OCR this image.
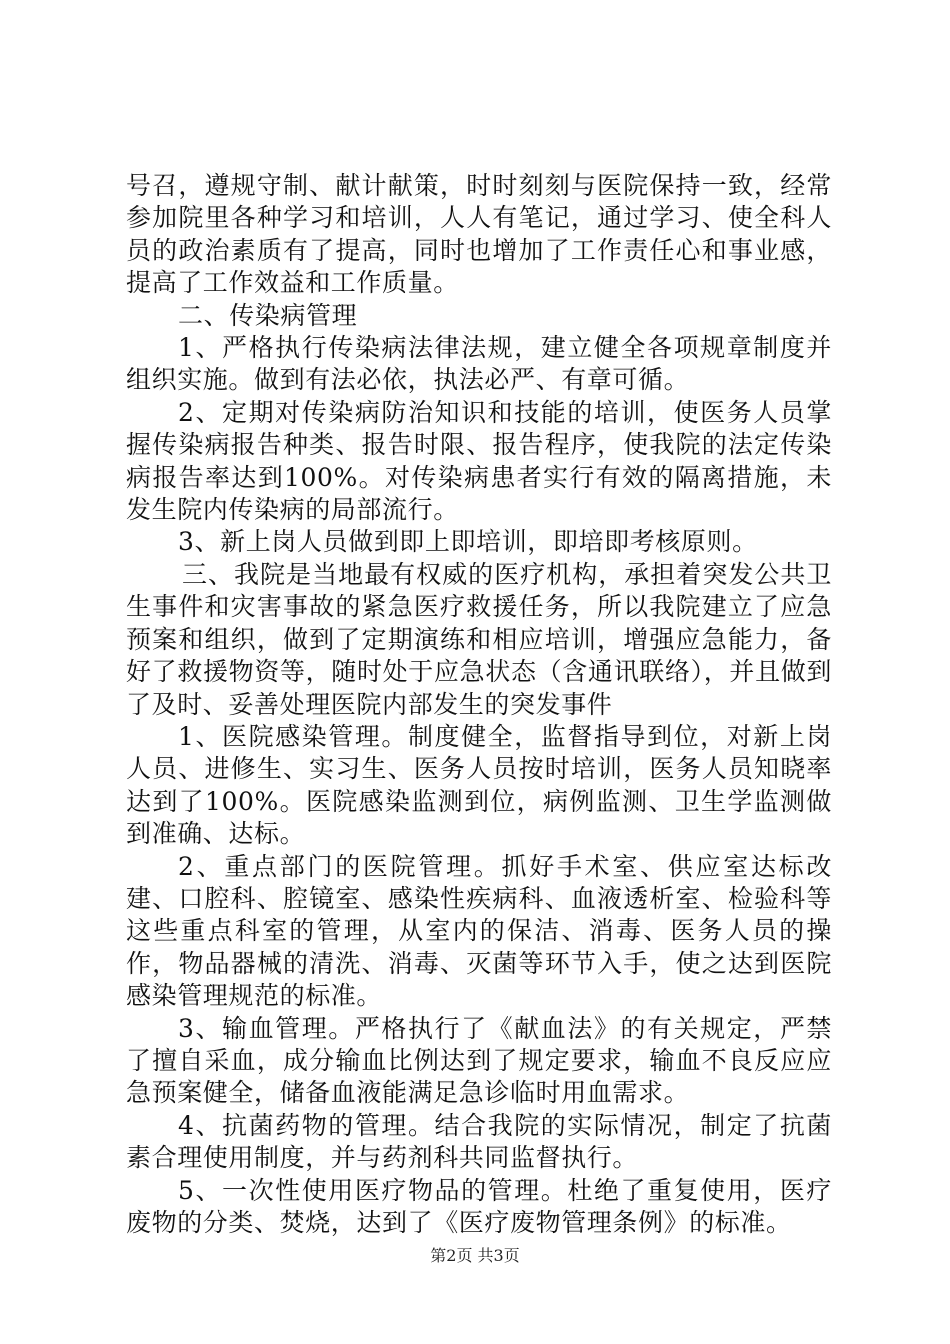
号召，遵规守制、献计献策，时时刻刻与医院保持一致，经常参加院里各种学习和培训，人人有笔记，通过学习、使全科人员的政治素质有了提高，同时也增加了工作责任心和事业感，提高了工作效益和工作质量。

二、传染病管理

1、严格执行传染病法律法规，建立健全各项规章制度并组织实施。做到有法必依，执法必严、有章可循。

2、定期对传染病防治知识和技能的培训，使医务人员掌握传染病报告种类、报告时限、报告程序，使我院的法定传染病报告率达到100%。对传染病患者实行有效的隔离措施，未发生院内传染病的局部流行。

3、新上岗人员做到即上即培训，即培即考核原则。

三、我院是当地最有权威的医疗机构，承担着突发公共卫生事件和灾害事故的紧急医疗救援任务，所以我院建立了应急预案和组织，做到了定期演练和相应培训，增强应急能力，备好了救援物资等，随时处于应急状态（含通讯联络），并且做到了及时、妥善处理医院内部发生的突发事件

1、医院感染管理。制度健全，监督指导到位，对新上岗人员、进修生、实习生、医务人员按时培训，医务人员知晓率达到了100%。医院感染监测到位，病例监测、卫生学监测做到准确、达标。

2、重点部门的医院管理。抓好手术室、供应室达标改建、口腔科、腔镜室、感染性疾病科、血液透析室、检验科等这些重点科室的管理，从室内的保洁、消毒、医务人员的操作，物品器械的清洗、消毒、灭菌等环节入手，使之达到医院感染管理规范的标准。

3、输血管理。严格执行了《献血法》的有关规定，严禁了擅自采血，成分输血比例达到了规定要求，输血不良反应应急预案健全，储备血液能满足急诊临时用血需求。

4、抗菌药物的管理。结合我院的实际情况，制定了抗菌素合理使用制度，并与药剂科共同监督执行。

5、一次性使用医疗物品的管理。杜绝了重复使用，医疗废物的分类、焚烧，达到了《医疗废物管理条例》的标准。

第2页 共3页
